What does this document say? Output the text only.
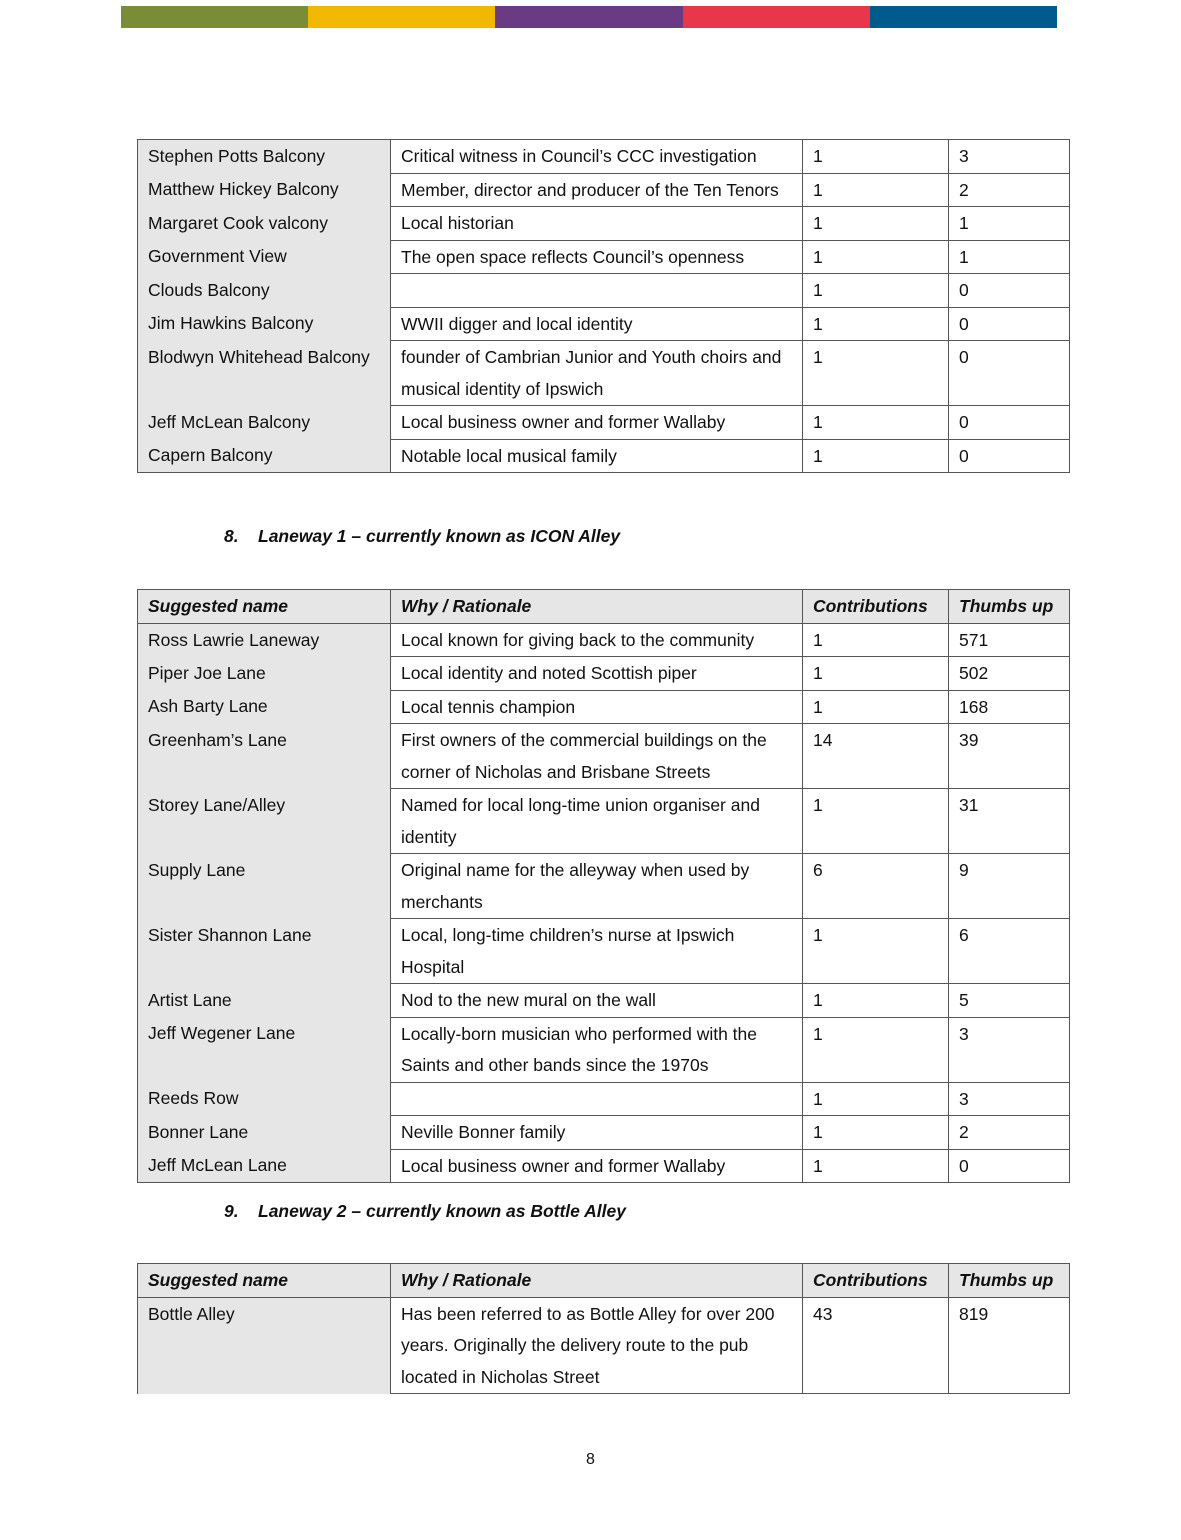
Stephen Potts Balcony	Critical witness in Council’s CCC investigation	1	3
Matthew Hickey Balcony	Member, director and producer of the Ten Tenors	1	2
Margaret Cook valcony	Local historian	1	1
Government View	The open space reflects Council’s openness	1	1
Clouds Balcony		1	0
Jim Hawkins Balcony	WWII digger and local identity	1	0
Blodwyn Whitehead Balcony	founder of Cambrian Junior and Youth choirs and musical identity of Ipswich	1	0
Jeff McLean Balcony	Local business owner and former Wallaby	1	0
Capern Balcony	Notable local musical family	1	0
8. Laneway 1 – currently known as ICON Alley
Suggested name	Why / Rationale	Contributions	Thumbs up
Ross Lawrie Laneway	Local known for giving back to the community	1	571
Piper Joe Lane	Local identity and noted Scottish piper	1	502
Ash Barty Lane	Local tennis champion	1	168
Greenham’s Lane	First owners of the commercial buildings on the corner of Nicholas and Brisbane Streets	14	39
Storey Lane/Alley	Named for local long-time union organiser and identity	1	31
Supply Lane	Original name for the alleyway when used by merchants	6	9
Sister Shannon Lane	Local, long-time children’s nurse at Ipswich Hospital	1	6
Artist Lane	Nod to the new mural on the wall	1	5
Jeff Wegener Lane	Locally-born musician who performed with the Saints and other bands since the 1970s	1	3
Reeds Row		1	3
Bonner Lane	Neville Bonner family	1	2
Jeff McLean Lane	Local business owner and former Wallaby	1	0
9. Laneway 2 – currently known as Bottle Alley
Suggested name	Why / Rationale	Contributions	Thumbs up
Bottle Alley	Has been referred to as Bottle Alley for over 200 years. Originally the delivery route to the pub located in Nicholas Street	43	819
8
